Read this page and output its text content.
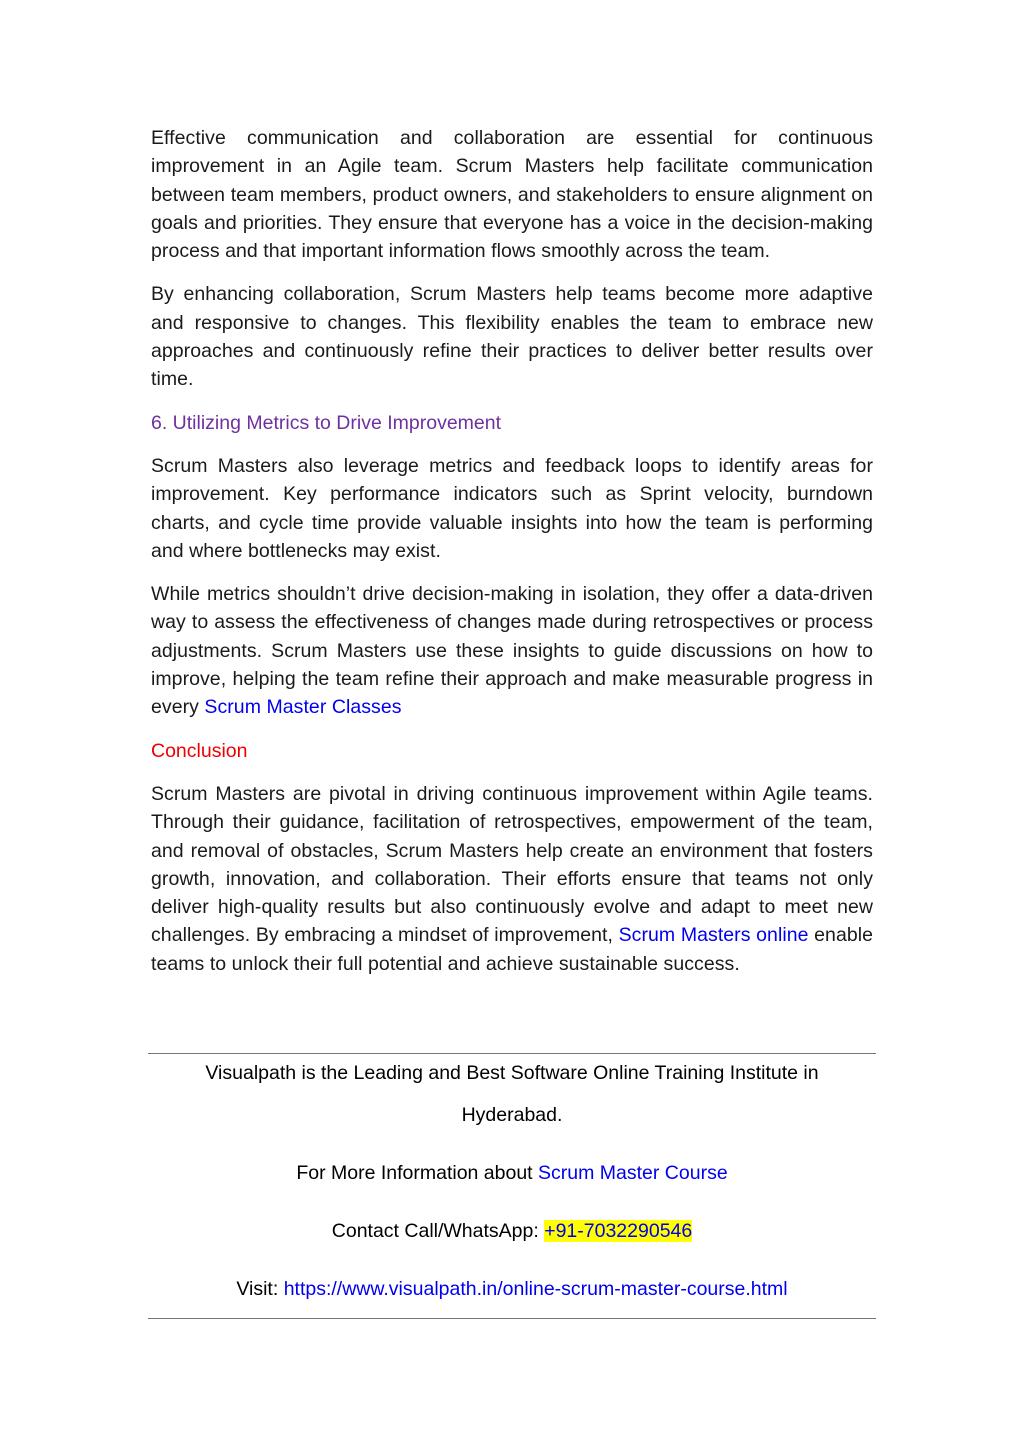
Effective communication and collaboration are essential for continuous improvement in an Agile team. Scrum Masters help facilitate communication between team members, product owners, and stakeholders to ensure alignment on goals and priorities. They ensure that everyone has a voice in the decision-making process and that important information flows smoothly across the team.

By enhancing collaboration, Scrum Masters help teams become more adaptive and responsive to changes. This flexibility enables the team to embrace new approaches and continuously refine their practices to deliver better results over time.

6. Utilizing Metrics to Drive Improvement

Scrum Masters also leverage metrics and feedback loops to identify areas for improvement. Key performance indicators such as Sprint velocity, burndown charts, and cycle time provide valuable insights into how the team is performing and where bottlenecks may exist.

While metrics shouldn’t drive decision-making in isolation, they offer a data-driven way to assess the effectiveness of changes made during retrospectives or process adjustments. Scrum Masters use these insights to guide discussions on how to improve, helping the team refine their approach and make measurable progress in every Scrum Master Classes

Conclusion

Scrum Masters are pivotal in driving continuous improvement within Agile teams. Through their guidance, facilitation of retrospectives, empowerment of the team, and removal of obstacles, Scrum Masters help create an environment that fosters growth, innovation, and collaboration. Their efforts ensure that teams not only deliver high-quality results but also continuously evolve and adapt to meet new challenges. By embracing a mindset of improvement, Scrum Masters online enable teams to unlock their full potential and achieve sustainable success.

Visualpath is the Leading and Best Software Online Training Institute in
Hyderabad.
For More Information about Scrum Master Course
Contact Call/WhatsApp: +91-7032290546
Visit: https://www.visualpath.in/online-scrum-master-course.html
